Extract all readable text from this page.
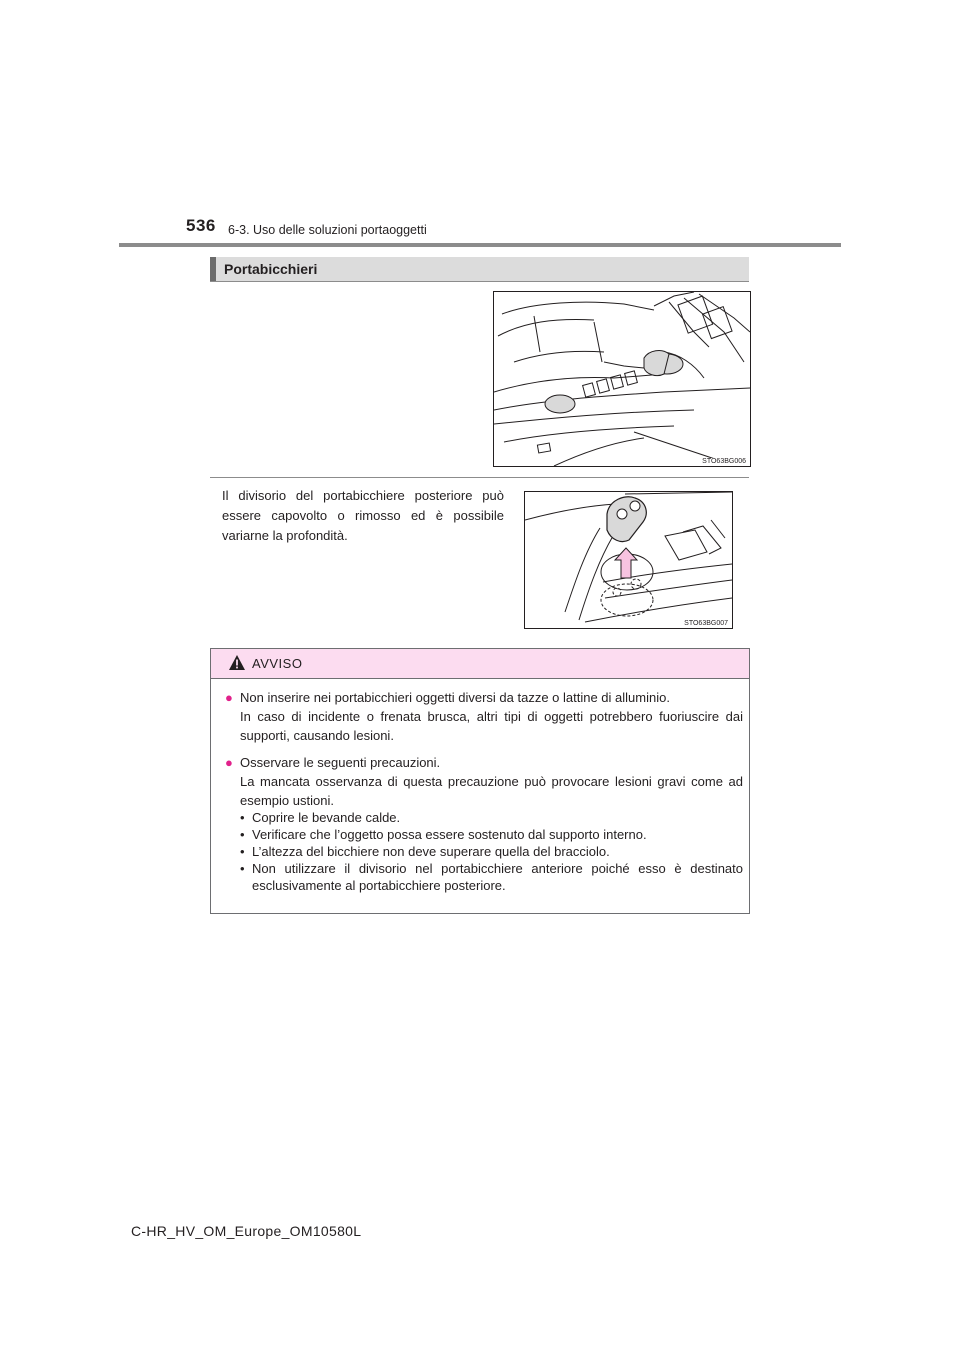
536 6-3. Uso delle soluzioni portaoggetti
Portabicchieri
STO63BG006
Il divisorio del portabicchiere posteriore può essere capovolto o rimosso ed è possibile variarne la profondità.
STO63BG007
AVVISO
● Non inserire nei portabicchieri oggetti diversi da tazze o lattine di alluminio.

In caso di incidente o frenata brusca, altri tipi di oggetti potrebbero fuoriuscire dai supporti, causando lesioni.

● Osservare le seguenti precauzioni.

La mancata osservanza di questa precauzione può provocare lesioni gravi come ad esempio ustioni.

• Coprire le bevande calde.
• Verificare che l’oggetto possa essere sostenuto dal supporto interno.
• L’altezza del bicchiere non deve superare quella del bracciolo.
• Non utilizzare il divisorio nel portabicchiere anteriore poiché esso è destinato esclusivamente al portabicchiere posteriore.
C-HR_HV_OM_Europe_OM10580L
